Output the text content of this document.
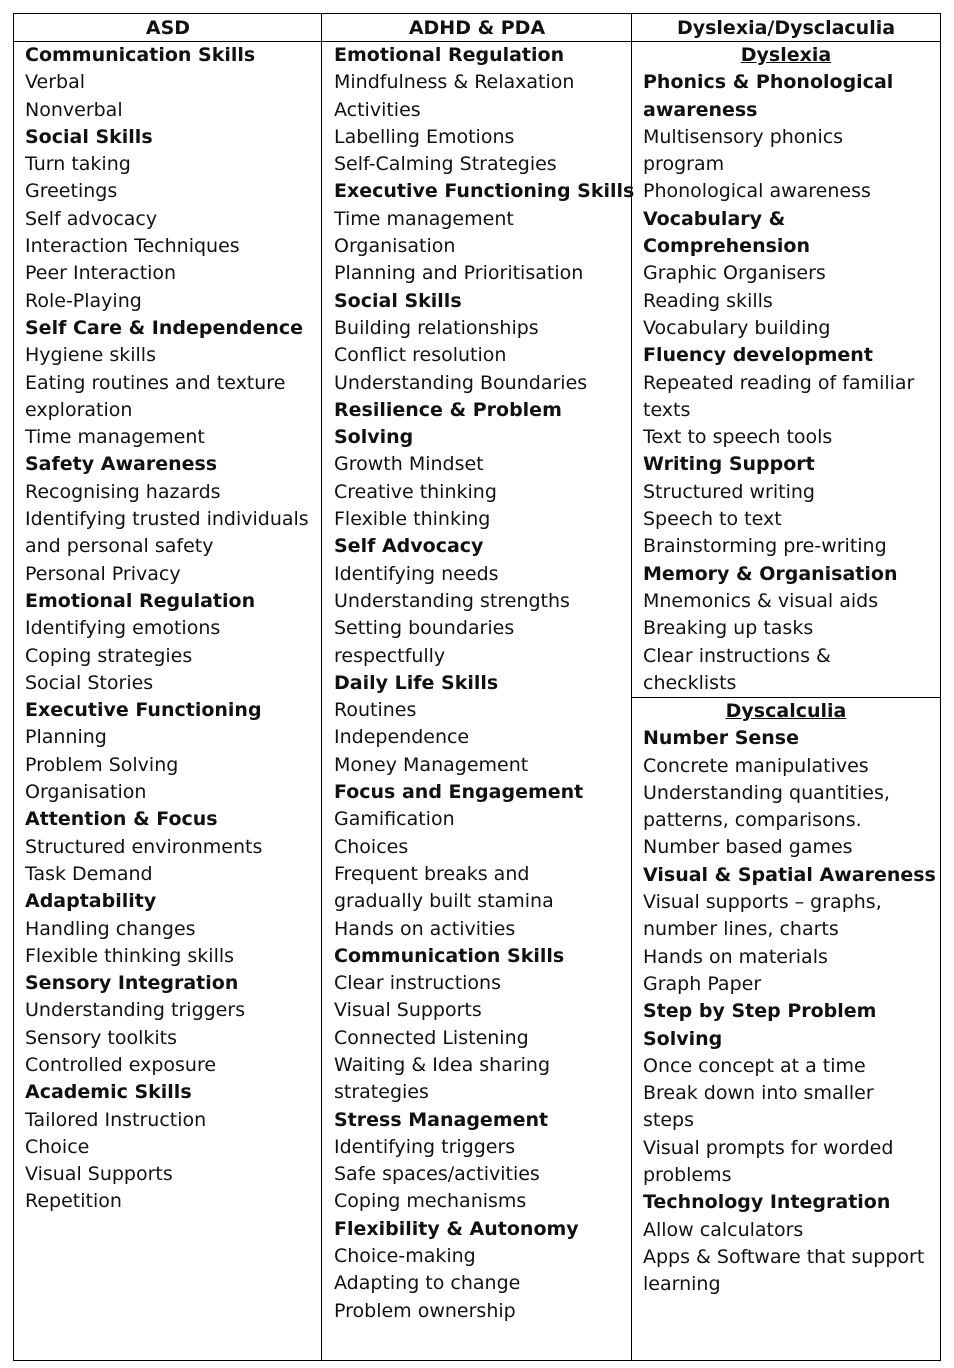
ASD	ADHD & PDA	Dyslexia/Dysclaculia
Communication Skills
Verbal
Nonverbal
Social Skills
Turn taking
Greetings
Self advocacy
Interaction Techniques
Peer Interaction
Role-Playing
Self Care & Independence
Hygiene skills
Eating routines and texture
exploration
Time management
Safety Awareness
Recognising hazards
Identifying trusted individuals
and personal safety
Personal Privacy
Emotional Regulation
Identifying emotions
Coping strategies
Social Stories
Executive Functioning
Planning
Problem Solving
Organisation
Attention & Focus
Structured environments
Task Demand
Adaptability
Handling changes
Flexible thinking skills
Sensory Integration
Understanding triggers
Sensory toolkits
Controlled exposure
Academic Skills
Tailored Instruction
Choice
Visual Supports
Repetition
Emotional Regulation
Mindfulness & Relaxation
Activities
Labelling Emotions
Self-Calming Strategies
Executive Functioning Skills
Time management
Organisation
Planning and Prioritisation
Social Skills
Building relationships
Conflict resolution
Understanding Boundaries
Resilience & Problem
Solving
Growth Mindset
Creative thinking
Flexible thinking
Self Advocacy
Identifying needs
Understanding strengths
Setting boundaries
respectfully
Daily Life Skills
Routines
Independence
Money Management
Focus and Engagement
Gamification
Choices
Frequent breaks and
gradually built stamina
Hands on activities
Communication Skills
Clear instructions
Visual Supports
Connected Listening
Waiting & Idea sharing
strategies
Stress Management
Identifying triggers
Safe spaces/activities
Coping mechanisms
Flexibility & Autonomy
Choice-making
Adapting to change
Problem ownership
Dyslexia
Phonics & Phonological
awareness
Multisensory phonics
program
Phonological awareness
Vocabulary &
Comprehension
Graphic Organisers
Reading skills
Vocabulary building
Fluency development
Repeated reading of familiar
texts
Text to speech tools
Writing Support
Structured writing
Speech to text
Brainstorming pre-writing
Memory & Organisation
Mnemonics & visual aids
Breaking up tasks
Clear instructions &
checklists
Dyscalculia
Number Sense
Concrete manipulatives
Understanding quantities,
patterns, comparisons.
Number based games
Visual & Spatial Awareness
Visual supports – graphs,
number lines, charts
Hands on materials
Graph Paper
Step by Step Problem
Solving
Once concept at a time
Break down into smaller
steps
Visual prompts for worded
problems
Technology Integration
Allow calculators
Apps & Software that support
learning
